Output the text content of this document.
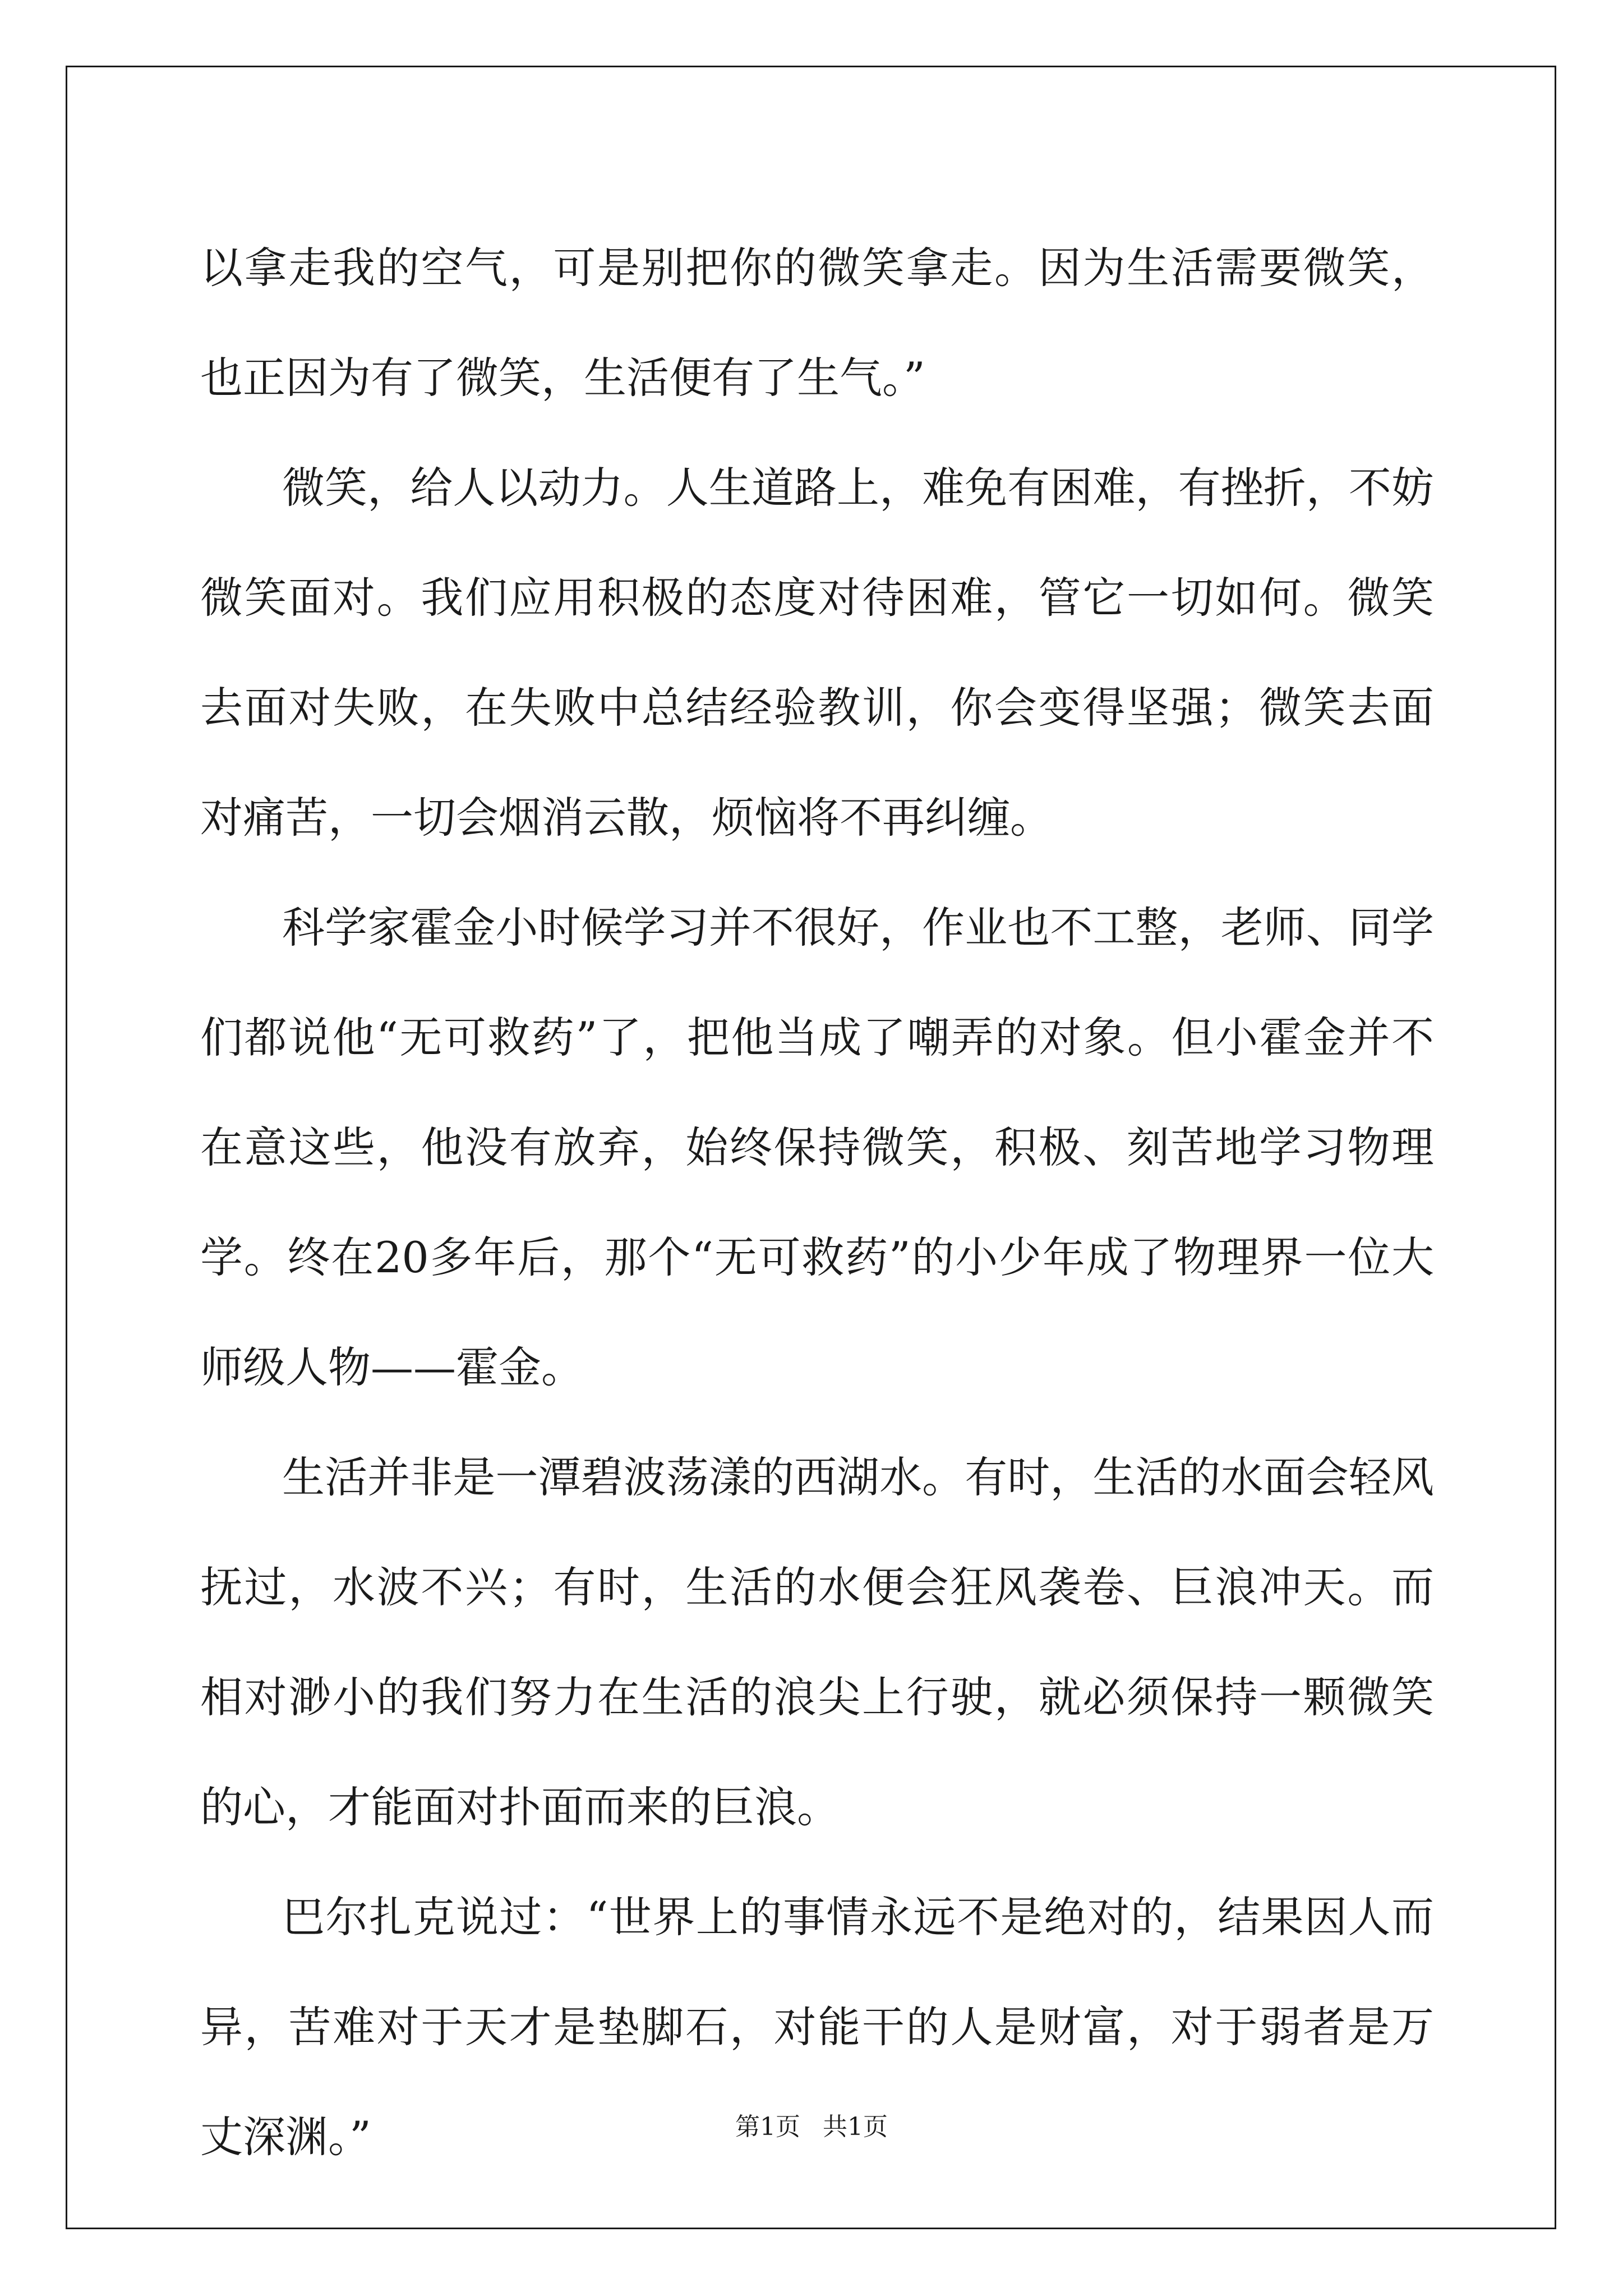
以拿走我的空气，可是别把你的微笑拿走。因为生活需要微笑，也正因为有了微笑，生活便有了生气。”

微笑，给人以动力。人生道路上，难免有困难，有挫折，不妨微笑面对。我们应用积极的态度对待困难，管它一切如何。微笑去面对失败，在失败中总结经验教训，你会变得坚强；微笑去面对痛苦，一切会烟消云散，烦恼将不再纠缠。

科学家霍金小时候学习并不很好，作业也不工整，老师、同学们都说他“无可救药”了，把他当成了嘲弄的对象。但小霍金并不在意这些，他没有放弃，始终保持微笑，积极、刻苦地学习物理学。终在20多年后，那个“无可救药”的小少年成了物理界一位大师级人物——霍金。

生活并非是一潭碧波荡漾的西湖水。有时，生活的水面会轻风抚过，水波不兴；有时，生活的水便会狂风袭卷、巨浪冲天。而相对渺小的我们努力在生活的浪尖上行驶，就必须保持一颗微笑的心，才能面对扑面而来的巨浪。

巴尔扎克说过：“世界上的事情永远不是绝对的，结果因人而异，苦难对于天才是垫脚石，对能干的人是财富，对于弱者是万丈深渊。”	第1页 共1页
